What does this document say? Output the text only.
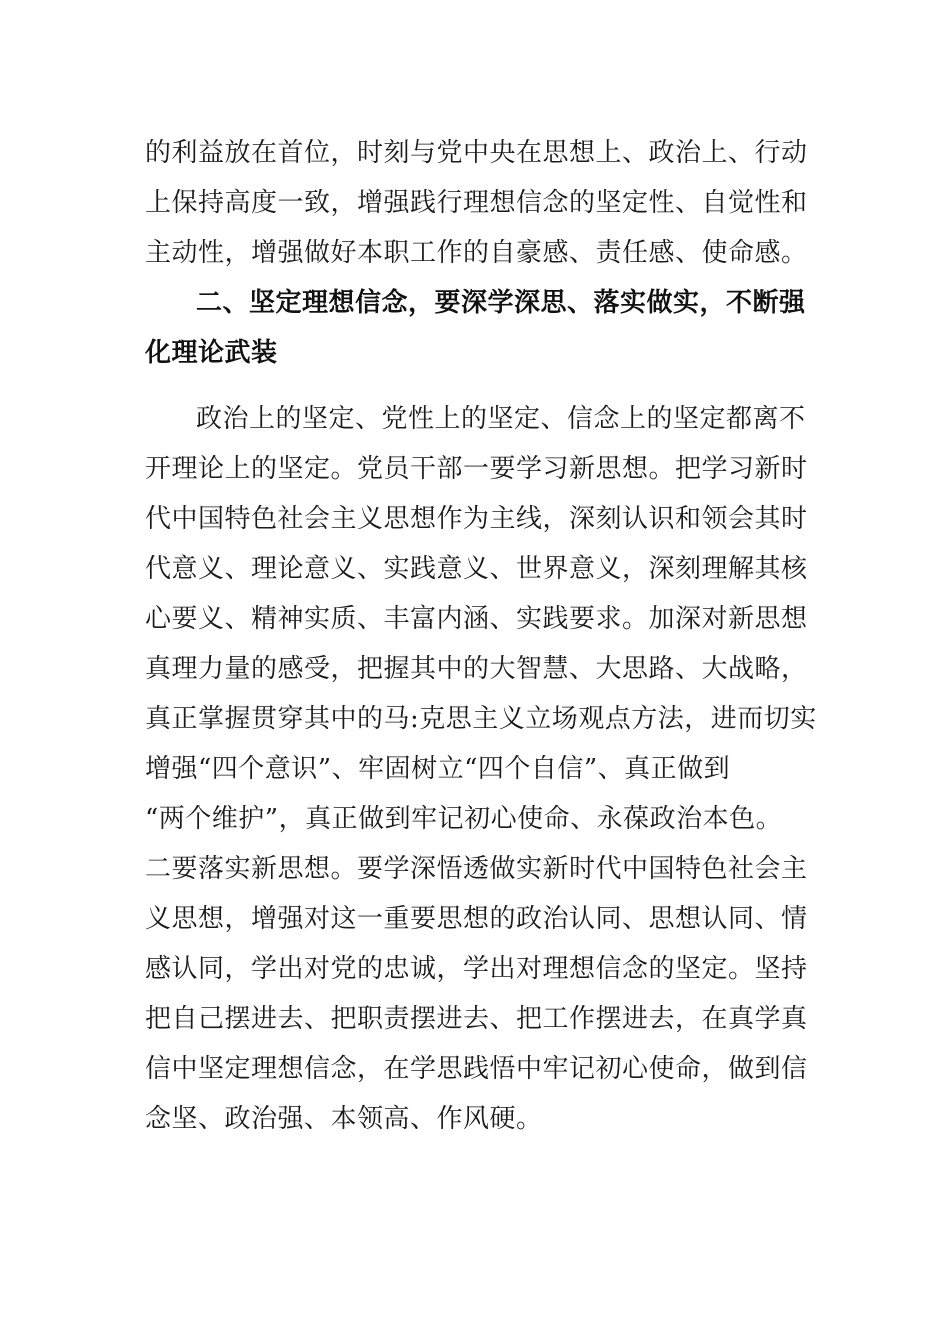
的利益放在首位，时刻与党中央在思想上、政治上、行动
上保持高度一致，增强践行理想信念的坚定性、自觉性和
主动性，增强做好本职工作的自豪感、责任感、使命感。
二、坚定理想信念，要深学深思、落实做实，不断强
化理论武装
政治上的坚定、党性上的坚定、信念上的坚定都离不
开理论上的坚定。党员干部一要学习新思想。把学习新时
代中国特色社会主义思想作为主线，深刻认识和领会其时
代意义、理论意义、实践意义、世界意义，深刻理解其核
心要义、精神实质、丰富内涵、实践要求。加深对新思想
真理力量的感受，把握其中的大智慧、大思路、大战略，
真正掌握贯穿其中的马:克思主义立场观点方法，进而切实
增强“四个意识”、牢固树立“四个自信”、真正做到
“两个维护”，真正做到牢记初心使命、永葆政治本色。
二要落实新思想。要学深悟透做实新时代中国特色社会主
义思想，增强对这一重要思想的政治认同、思想认同、情
感认同，学出对党的忠诚，学出对理想信念的坚定。坚持
把自己摆进去、把职责摆进去、把工作摆进去，在真学真
信中坚定理想信念，在学思践悟中牢记初心使命，做到信
念坚、政治强、本领高、作风硬。
